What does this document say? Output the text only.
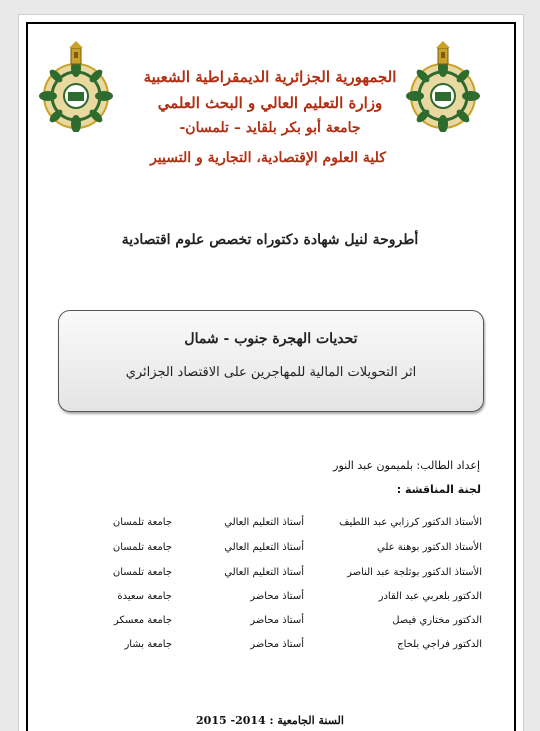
الجمهورية الجزائرية الديمقراطية الشعبية
وزارة التعليم العالي و البحث العلمي
جامعة أبو بكر بلقايد – تلمسان-
كلية العلوم الإقتصادية، التجارية و التسيير
أطروحة لنيل شهادة دكتوراه تخصص علوم اقتصادية
تحديات الهجرة جنوب - شمال
اثر التحويلات المالية للمهاجرين على الاقتصاد الجزائري
إعداد الطالب: بلميمون عبد النور
لجنة المناقشة :
الأستاذ الدكتور كرزابي عبد اللطيف
أستاذ التعليم العالي
جامعة تلمسان
الأستاذ الدكتور بوهنة علي
أستاذ التعليم العالي
جامعة تلمسان
الأستاذ الدكتور بوثلجة عبد الناصر
أستاذ التعليم العالي
جامعة تلمسان
الدكتور بلعربي عبد القادر
أستاذ محاضر
جامعة سعيدة
الدكتور مختاري فيصل
أستاذ محاضر
جامعة معسكر
الدكتور فراجي بلحاج
أستاذ محاضر
جامعة بشار
السنة الجامعية : 2014- 2015
